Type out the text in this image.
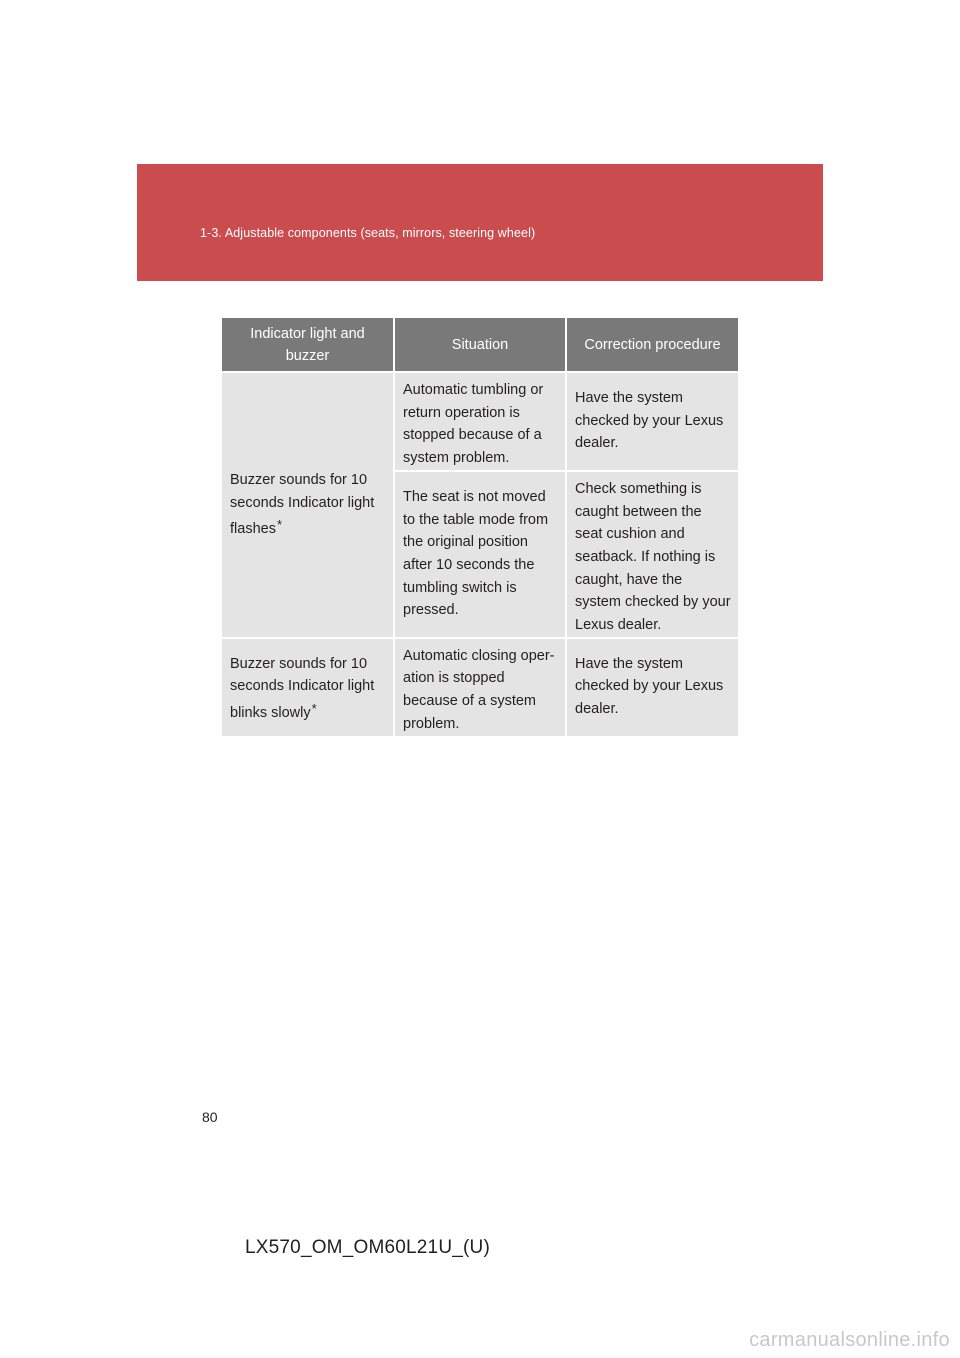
1-3. Adjustable components (seats, mirrors, steering wheel)
Indicator light and buzzer	Situation	Correction procedure
Buzzer sounds for 10 seconds Indicator light flashes*	Automatic tumbling or return operation is stopped because of a system problem.	Have the system checked by your Lexus dealer.
	The seat is not moved to the table mode from the original position after 10 seconds the tumbling switch is pressed.	Check something is caught between the seat cushion and seatback. If nothing is caught, have the system checked by your Lexus dealer.
Buzzer sounds for 10 seconds Indicator light blinks slowly*	Automatic closing oper-ation is stopped because of a system problem.	Have the system checked by your Lexus dealer.
80
LX570_OM_OM60L21U_(U)
carmanualsonline.info
